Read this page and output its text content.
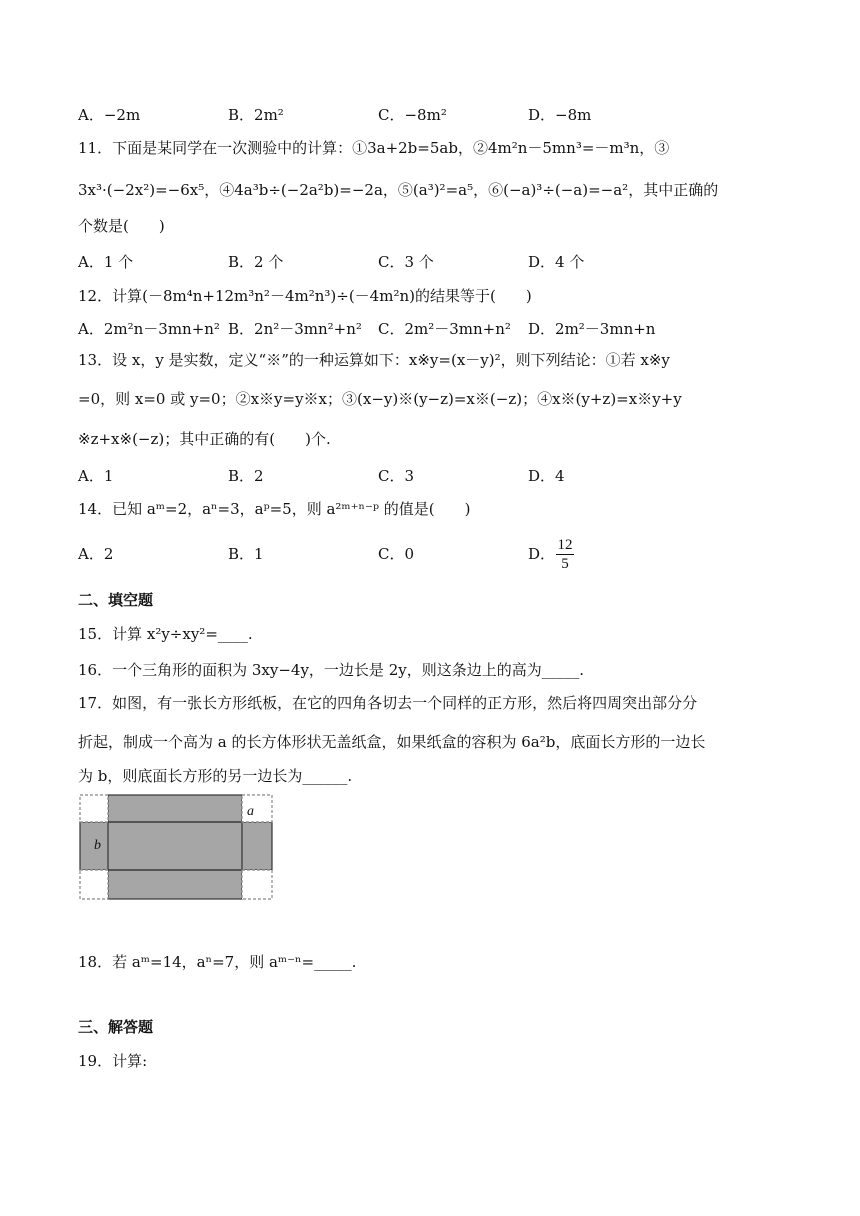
A．−2m	B．2m²	C．−8m²	D．−8m
11．下面是某同学在一次测验中的计算：①3a+2b=5ab，②4m²n－5mn³=－m³n，③
3x³·(−2x²)=−6x⁵，④4a³b÷(−2a²b)=−2a，⑤(a³)²=a⁵，⑥(−a)³÷(−a)=−a²，其中正确的
个数是(　　)
A．1 个	B．2 个	C．3 个	D．4 个
12．计算(－8m⁴n+12m³n²－4m²n³)÷(－4m²n)的结果等于(　　)
A．2m²n－3mn+n² B．2n²－3mn²+n² C．2m²－3mn+n² D．2m²－3mn+n
13．设 x，y 是实数，定义“※”的一种运算如下：x※y=(x－y)²，则下列结论：①若 x※y
=0，则 x=0 或 y=0；②x※y=y※x；③(x−y)※(y−z)=x※(−z)；④x※(y+z)=x※y+y
※z+x※(−z)；其中正确的有(　　)个.
A．1	B．2	C．3	D．4
14．已知 aᵐ=2，aⁿ=3，aᵖ=5，则 a²ᵐ⁺ⁿ⁻ᵖ 的值是(　　)
A．2	B．1	C．0	D． $\frac{12}{5}$
二、填空题
15．计算 x²y÷xy²=____.
16．一个三角形的面积为 3xy−4y，一边长是 2y，则这条边上的高为_____.
17．如图，有一张长方形纸板，在它的四角各切去一个同样的正方形，然后将四周突出部分分
折起，制成一个高为 a 的长方体形状无盖纸盒，如果纸盒的容积为 6a²b，底面长方形的一边长
为 b，则底面长方形的另一边长为______.
a
b
18．若 aᵐ=14，aⁿ=7，则 aᵐ⁻ⁿ=_____.
三、解答题
19．计算:
